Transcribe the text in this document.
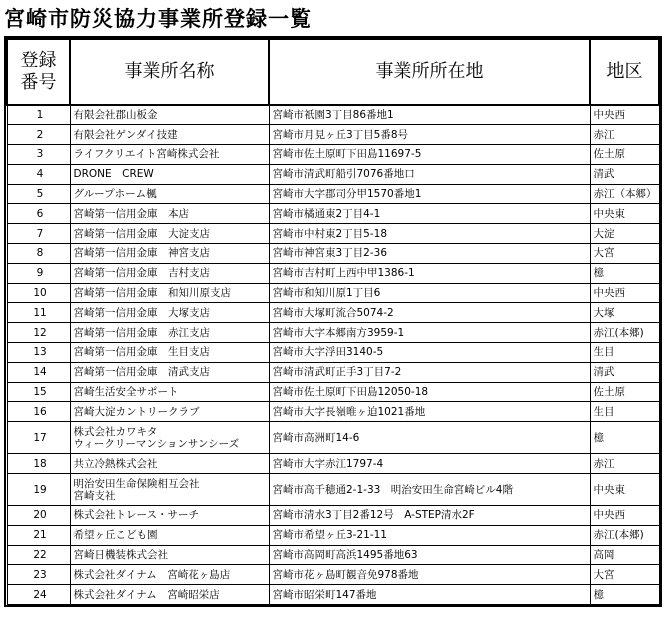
宮崎市防災協力事業所登録一覧
登録
番号	事業所名称	事業所所在地	地区
1	有限会社郡山板金	宮崎市祇園3丁目86番地1	中央西
2	有限会社ゲンダイ技建	宮崎市月見ヶ丘3丁目5番8号	赤江
3	ライフクリエイト宮崎株式会社	宮崎市佐土原町下田島11697-5	佐土原
4	DRONE　CREW	宮崎市清武町船引7076番地口	清武
5	グループホーム楓	宮崎市大字郡司分甲1570番地1	赤江（本郷）
6	宮崎第一信用金庫　本店	宮崎市橘通東2丁目4-1	中央東
7	宮崎第一信用金庫　大淀支店	宮崎市中村東2丁目5-18	大淀
8	宮崎第一信用金庫　神宮支店	宮崎市神宮東3丁目2-36	大宮
9	宮崎第一信用金庫　吉村支店	宮崎市吉村町上西中甲1386-1	檍
10	宮崎第一信用金庫　和知川原支店	宮崎市和知川原1丁目6	中央西
11	宮崎第一信用金庫　大塚支店	宮崎市大塚町流合5074-2	大塚
12	宮崎第一信用金庫　赤江支店	宮崎市大字本郷南方3959-1	赤江(本郷)
13	宮崎第一信用金庫　生目支店	宮崎市大字浮田3140-5	生目
14	宮崎第一信用金庫　清武支店	宮崎市清武町正手3丁目7-2	清武
15	宮崎生活安全サポート	宮崎市佐土原町下田島12050-18	佐土原
16	宮崎大淀カントリークラブ	宮崎市大字長嶺唯ヶ迫1021番地	生目
17	株式会社カワキタ
ウィークリーマンションサンシーズ	宮崎市高洲町14-6	檍
18	共立冷熱株式会社	宮崎市大字赤江1797-4	赤江
19	明治安田生命保険相互会社
宮崎支社	宮崎市高千穂通2-1-33　明治安田生命宮崎ビル4階	中央東
20	株式会社トレース・サーチ	宮崎市清水3丁目2番12号　A-STEP清水2F	中央西
21	希望ヶ丘こども園	宮崎市希望ヶ丘3-21-11	赤江(本郷)
22	宮崎日機装株式会社	宮崎市高岡町高浜1495番地63	高岡
23	株式会社ダイナム　宮崎花ヶ島店	宮崎市花ヶ島町観音免978番地	大宮
24	株式会社ダイナム　宮崎昭栄店	宮崎市昭栄町147番地	檍
